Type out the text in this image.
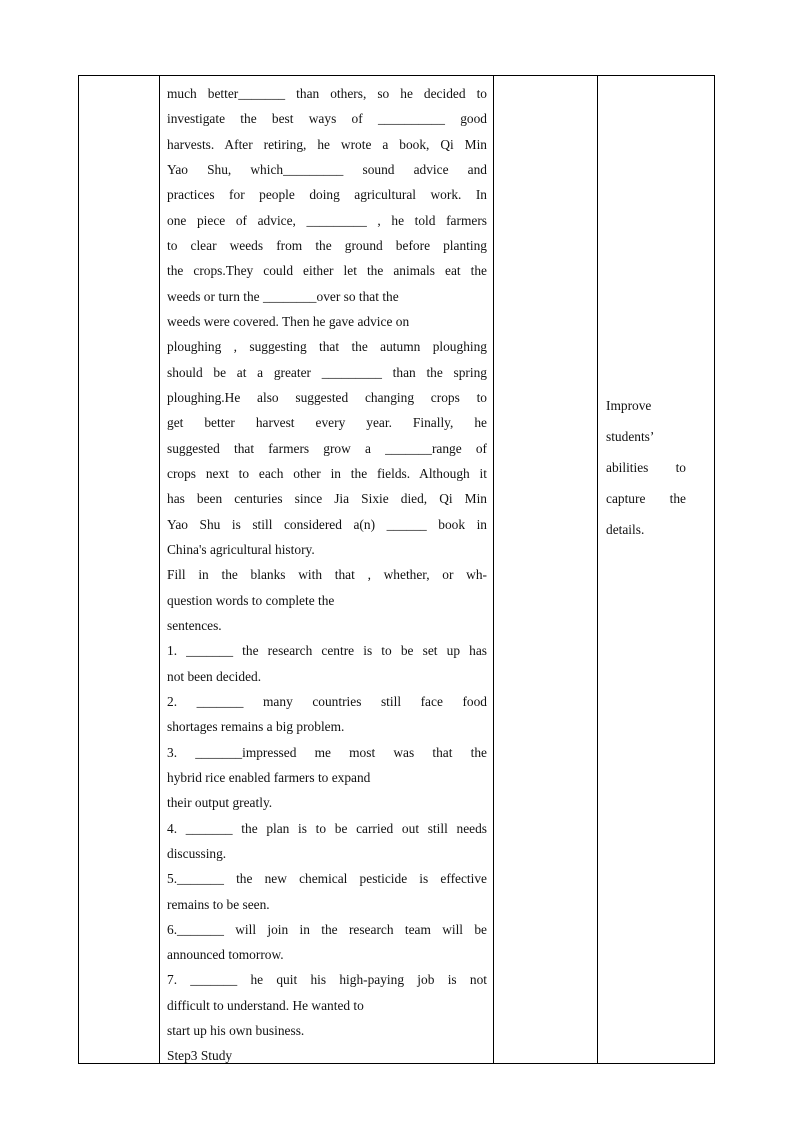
much better_______ than others, so he decided to
investigate the best ways of __________ good
harvests. After retiring, he wrote a book, Qi Min
Yao Shu, which_________ sound advice and
practices for people doing agricultural work. In
one piece of advice, _________ , he told farmers
to clear weeds from the ground before planting
the crops.They could either let the animals eat the
weeds or turn the ________over so that the
weeds were covered. Then he gave advice on
ploughing , suggesting that the autumn ploughing
should be at a greater _________ than the spring
ploughing.He also suggested changing crops to
get better harvest every year. Finally, he
suggested that farmers grow a _______range of
crops next to each other in the fields. Although it
has been centuries since Jia Sixie died, Qi Min
Yao Shu is still considered a(n) ______ book in
China's agricultural history.
Fill in the blanks with that , whether, or wh-
question words to complete the
sentences.
1. _______ the research centre is to be set up has
not been decided.
2. _______ many countries still face food
shortages remains a big problem.
3. _______impressed me most was that the
hybrid rice enabled farmers to expand
their output greatly.
4. _______ the plan is to be carried out still needs
discussing.
5._______ the new chemical pesticide is effective
remains to be seen.
6._______ will join in the research team will be
announced tomorrow.
7. _______ he quit his high-paying job is not
difficult to understand. He wanted to
start up his own business.
Step3 Study
Improve
students’
abilities to
capture the
details.
